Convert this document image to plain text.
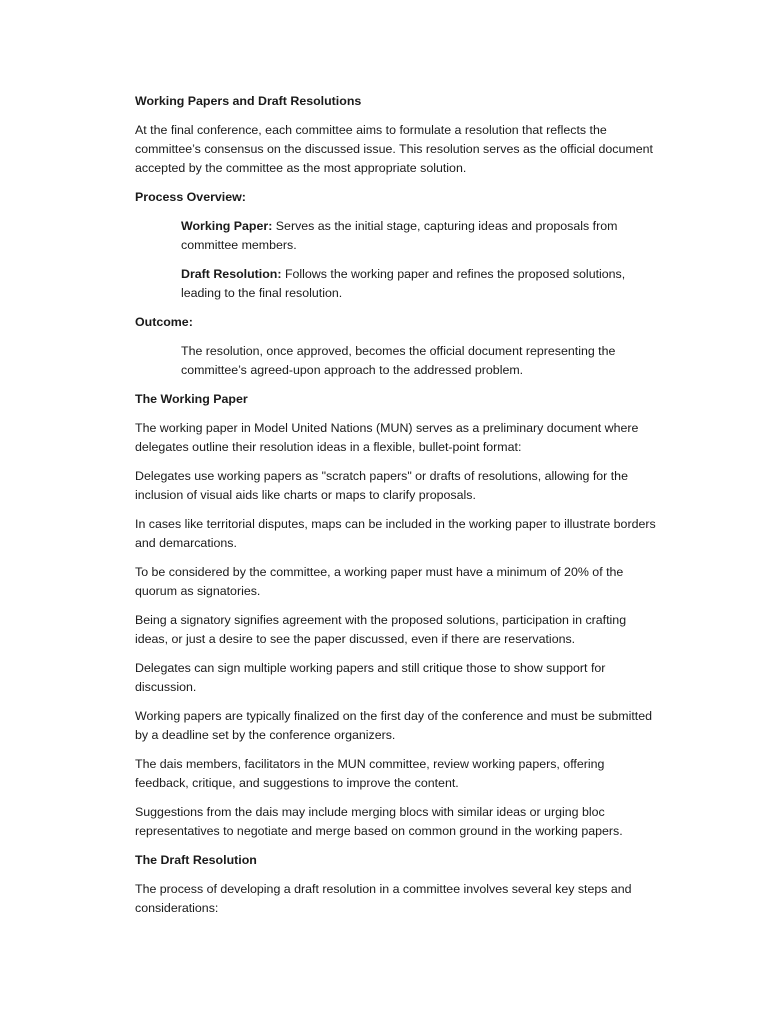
Working Papers and Draft Resolutions

At the final conference, each committee aims to formulate a resolution that reflects the committee’s consensus on the discussed issue. This resolution serves as the official document accepted by the committee as the most appropriate solution.

Process Overview:

Working Paper: Serves as the initial stage, capturing ideas and proposals from committee members.

Draft Resolution: Follows the working paper and refines the proposed solutions, leading to the final resolution.

Outcome:

The resolution, once approved, becomes the official document representing the committee’s agreed-upon approach to the addressed problem.

The Working Paper

The working paper in Model United Nations (MUN) serves as a preliminary document where delegates outline their resolution ideas in a flexible, bullet-point format:

Delegates use working papers as "scratch papers" or drafts of resolutions, allowing for the inclusion of visual aids like charts or maps to clarify proposals.

In cases like territorial disputes, maps can be included in the working paper to illustrate borders and demarcations.

To be considered by the committee, a working paper must have a minimum of 20% of the quorum as signatories.

Being a signatory signifies agreement with the proposed solutions, participation in crafting ideas, or just a desire to see the paper discussed, even if there are reservations.

Delegates can sign multiple working papers and still critique those to show support for discussion.

Working papers are typically finalized on the first day of the conference and must be submitted by a deadline set by the conference organizers.

The dais members, facilitators in the MUN committee, review working papers, offering feedback, critique, and suggestions to improve the content.

Suggestions from the dais may include merging blocs with similar ideas or urging bloc representatives to negotiate and merge based on common ground in the working papers.

The Draft Resolution

The process of developing a draft resolution in a committee involves several key steps and considerations:
